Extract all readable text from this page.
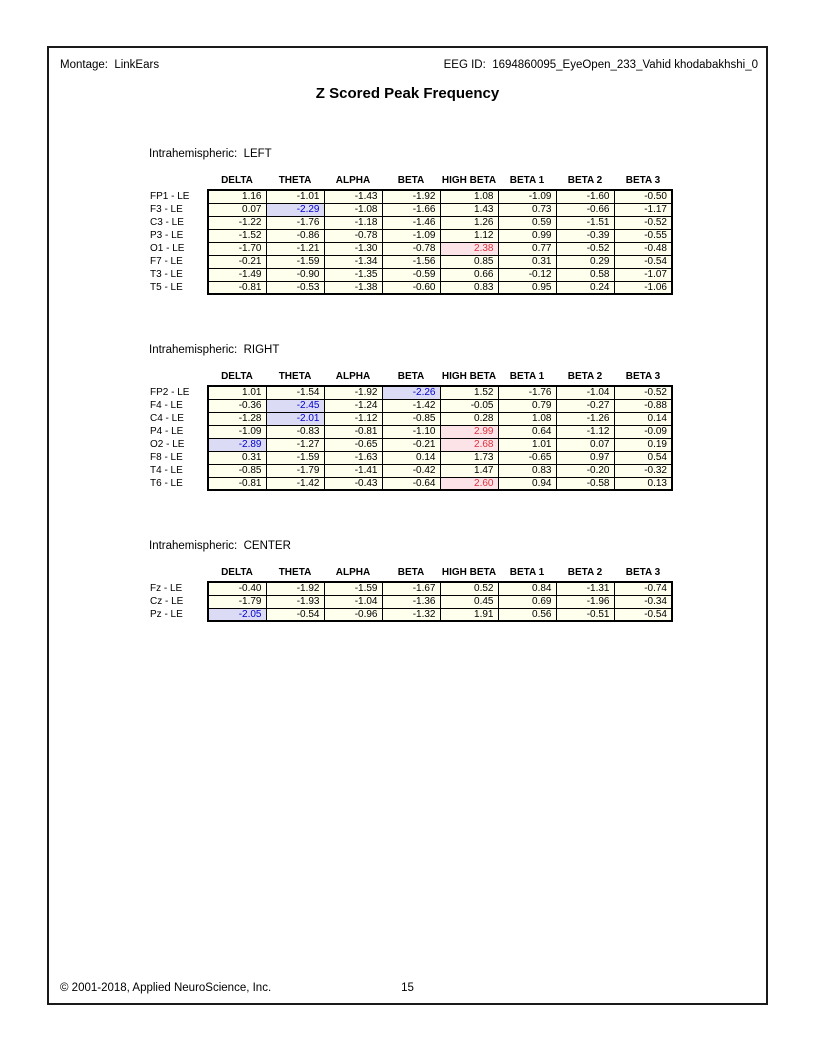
Montage:  LinkEars	EEG ID:  1694860095_EyeOpen_233_Vahid khodabakhshi_0
Z Scored Peak Frequency
Intrahemispheric:  LEFT
	DELTA	THETA	ALPHA	BETA	HIGH BETA	BETA 1	BETA 2	BETA 3
FP1 - LE	1.16	-1.01	-1.43	-1.92	1.08	-1.09	-1.60	-0.50
F3 - LE	0.07	-2.29	-1.08	-1.66	1.43	0.73	-0.66	-1.17
C3 - LE	-1.22	-1.76	-1.18	-1.46	1.26	0.59	-1.51	-0.52
P3 - LE	-1.52	-0.86	-0.78	-1.09	1.12	0.99	-0.39	-0.55
O1 - LE	-1.70	-1.21	-1.30	-0.78	2.38	0.77	-0.52	-0.48
F7 - LE	-0.21	-1.59	-1.34	-1.56	0.85	0.31	0.29	-0.54
T3 - LE	-1.49	-0.90	-1.35	-0.59	0.66	-0.12	0.58	-1.07
T5 - LE	-0.81	-0.53	-1.38	-0.60	0.83	0.95	0.24	-1.06
Intrahemispheric:  RIGHT
	DELTA	THETA	ALPHA	BETA	HIGH BETA	BETA 1	BETA 2	BETA 3
FP2 - LE	1.01	-1.54	-1.92	-2.26	1.52	-1.76	-1.04	-0.52
F4 - LE	-0.36	-2.45	-1.24	-1.42	-0.05	0.79	-0.27	-0.88
C4 - LE	-1.28	-2.01	-1.12	-0.85	0.28	1.08	-1.26	0.14
P4 - LE	-1.09	-0.83	-0.81	-1.10	2.99	0.64	-1.12	-0.09
O2 - LE	-2.89	-1.27	-0.65	-0.21	2.68	1.01	0.07	0.19
F8 - LE	0.31	-1.59	-1.63	0.14	1.73	-0.65	0.97	0.54
T4 - LE	-0.85	-1.79	-1.41	-0.42	1.47	0.83	-0.20	-0.32
T6 - LE	-0.81	-1.42	-0.43	-0.64	2.60	0.94	-0.58	0.13
Intrahemispheric:  CENTER
	DELTA	THETA	ALPHA	BETA	HIGH BETA	BETA 1	BETA 2	BETA 3
Fz - LE	-0.40	-1.92	-1.59	-1.67	0.52	0.84	-1.31	-0.74
Cz - LE	-1.79	-1.93	-1.04	-1.36	0.45	0.69	-1.96	-0.34
Pz - LE	-2.05	-0.54	-0.96	-1.32	1.91	0.56	-0.51	-0.54
© 2001-2018, Applied NeuroScience, Inc.	15
